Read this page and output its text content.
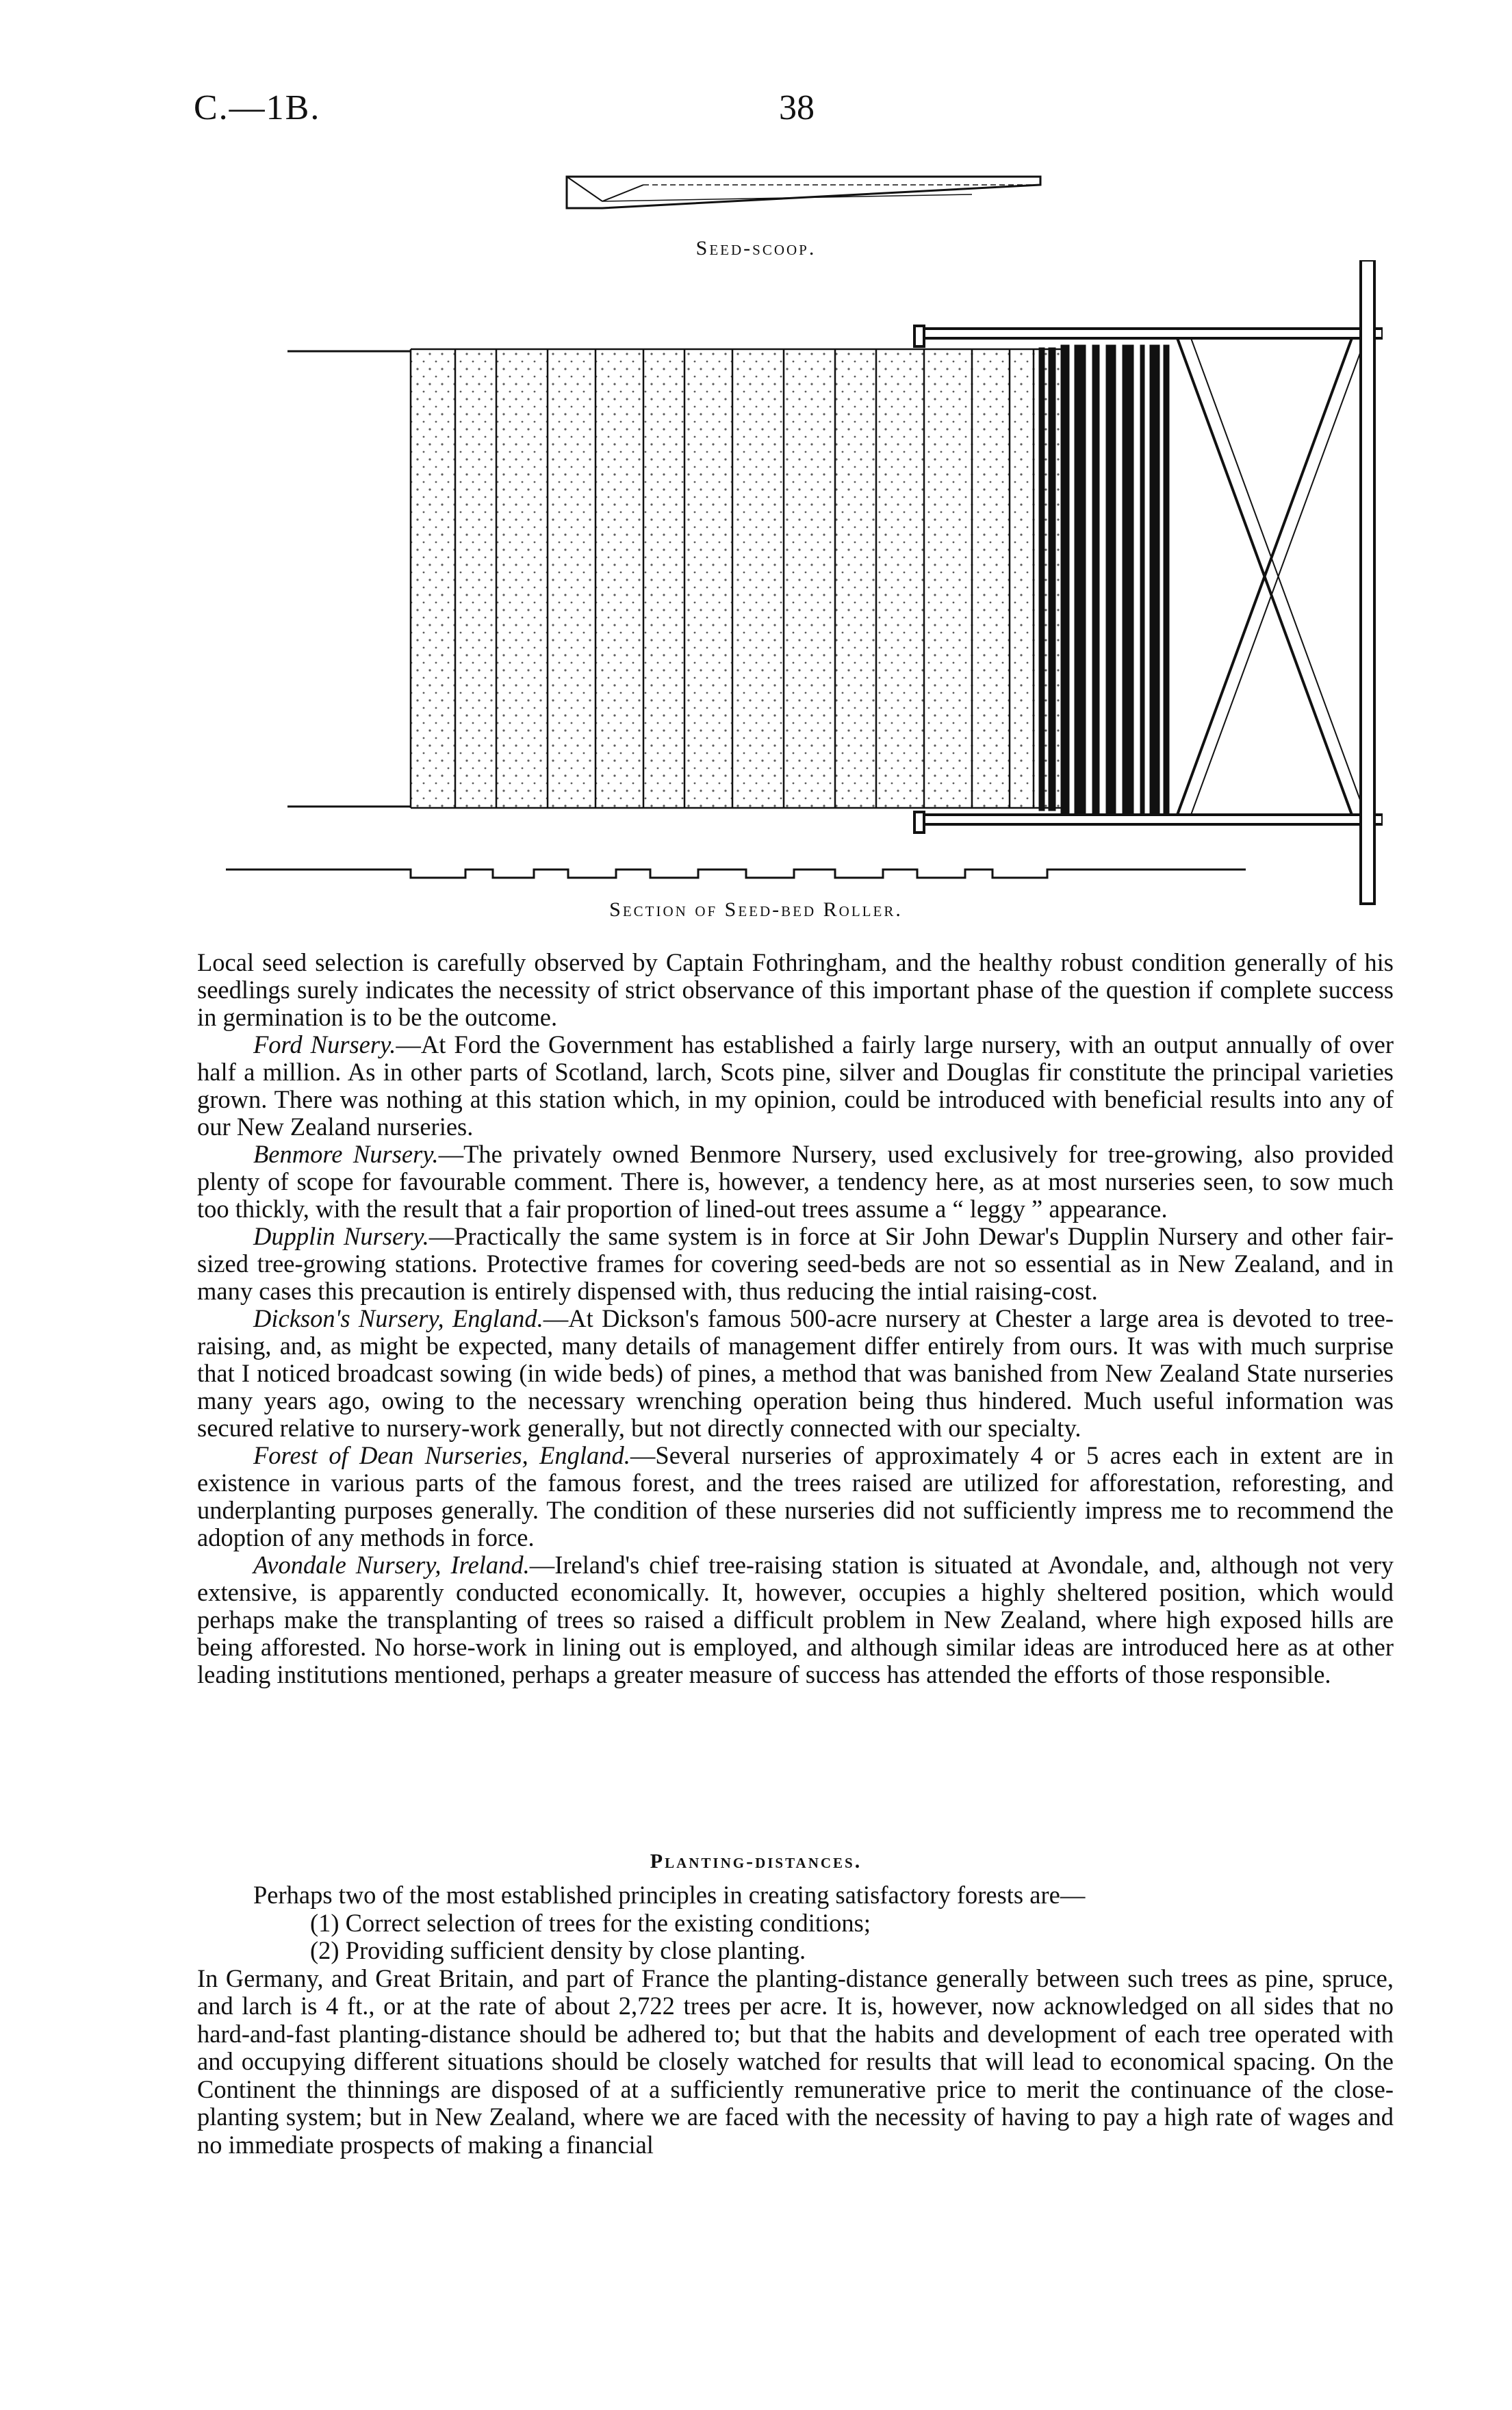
C.—1B.	38
Seed-scoop.
Section of Seed-bed Roller.

Local seed selection is carefully observed by Captain Fothringham, and the healthy robust condition generally of his seedlings surely indicates the necessity of strict observance of this important phase of the question if complete success in germination is to be the outcome.

Ford Nursery.—At Ford the Government has established a fairly large nursery, with an output annually of over half a million. As in other parts of Scotland, larch, Scots pine, silver and Douglas fir constitute the principal varieties grown. There was nothing at this station which, in my opinion, could be introduced with beneficial results into any of our New Zealand nurseries.

Benmore Nursery.—The privately owned Benmore Nursery, used exclusively for tree-growing, also provided plenty of scope for favourable comment. There is, however, a tendency here, as at most nurseries seen, to sow much too thickly, with the result that a fair proportion of lined-out trees assume a “ leggy ” appearance.

Dupplin Nursery.—Practically the same system is in force at Sir John Dewar's Dupplin Nursery and other fair-sized tree-growing stations. Protective frames for covering seed-beds are not so essential as in New Zealand, and in many cases this precaution is entirely dispensed with, thus reducing the intial raising-cost.

Dickson's Nursery, England.—At Dickson's famous 500-acre nursery at Chester a large area is devoted to tree-raising, and, as might be expected, many details of management differ entirely from ours. It was with much surprise that I noticed broadcast sowing (in wide beds) of pines, a method that was banished from New Zealand State nurseries many years ago, owing to the necessary wrenching operation being thus hindered. Much useful information was secured relative to nursery-work generally, but not directly connected with our specialty.

Forest of Dean Nurseries, England.—Several nurseries of approximately 4 or 5 acres each in extent are in existence in various parts of the famous forest, and the trees raised are utilized for afforestation, reforesting, and underplanting purposes generally. The condition of these nurseries did not sufficiently impress me to recommend the adoption of any methods in force.

Avondale Nursery, Ireland.—Ireland's chief tree-raising station is situated at Avondale, and, although not very extensive, is apparently conducted economically. It, however, occupies a highly sheltered position, which would perhaps make the transplanting of trees so raised a difficult problem in New Zealand, where high exposed hills are being afforested. No horse-work in lining out is employed, and although similar ideas are introduced here as at other leading institutions mentioned, perhaps a greater measure of success has attended the efforts of those responsible.

Planting-distances.

Perhaps two of the most established principles in creating satisfactory forests are—

(1) Correct selection of trees for the existing conditions;

(2) Providing sufficient density by close planting.

In Germany, and Great Britain, and part of France the planting-distance generally between such trees as pine, spruce, and larch is 4 ft., or at the rate of about 2,722 trees per acre. It is, however, now acknowledged on all sides that no hard-and-fast planting-distance should be adhered to; but that the habits and development of each tree operated with and occupying different situations should be closely watched for results that will lead to economical spacing. On the Continent the thinnings are disposed of at a sufficiently remunerative price to merit the continuance of the close-planting system; but in New Zealand, where we are faced with the necessity of having to pay a high rate of wages and no immediate prospects of making a financial
